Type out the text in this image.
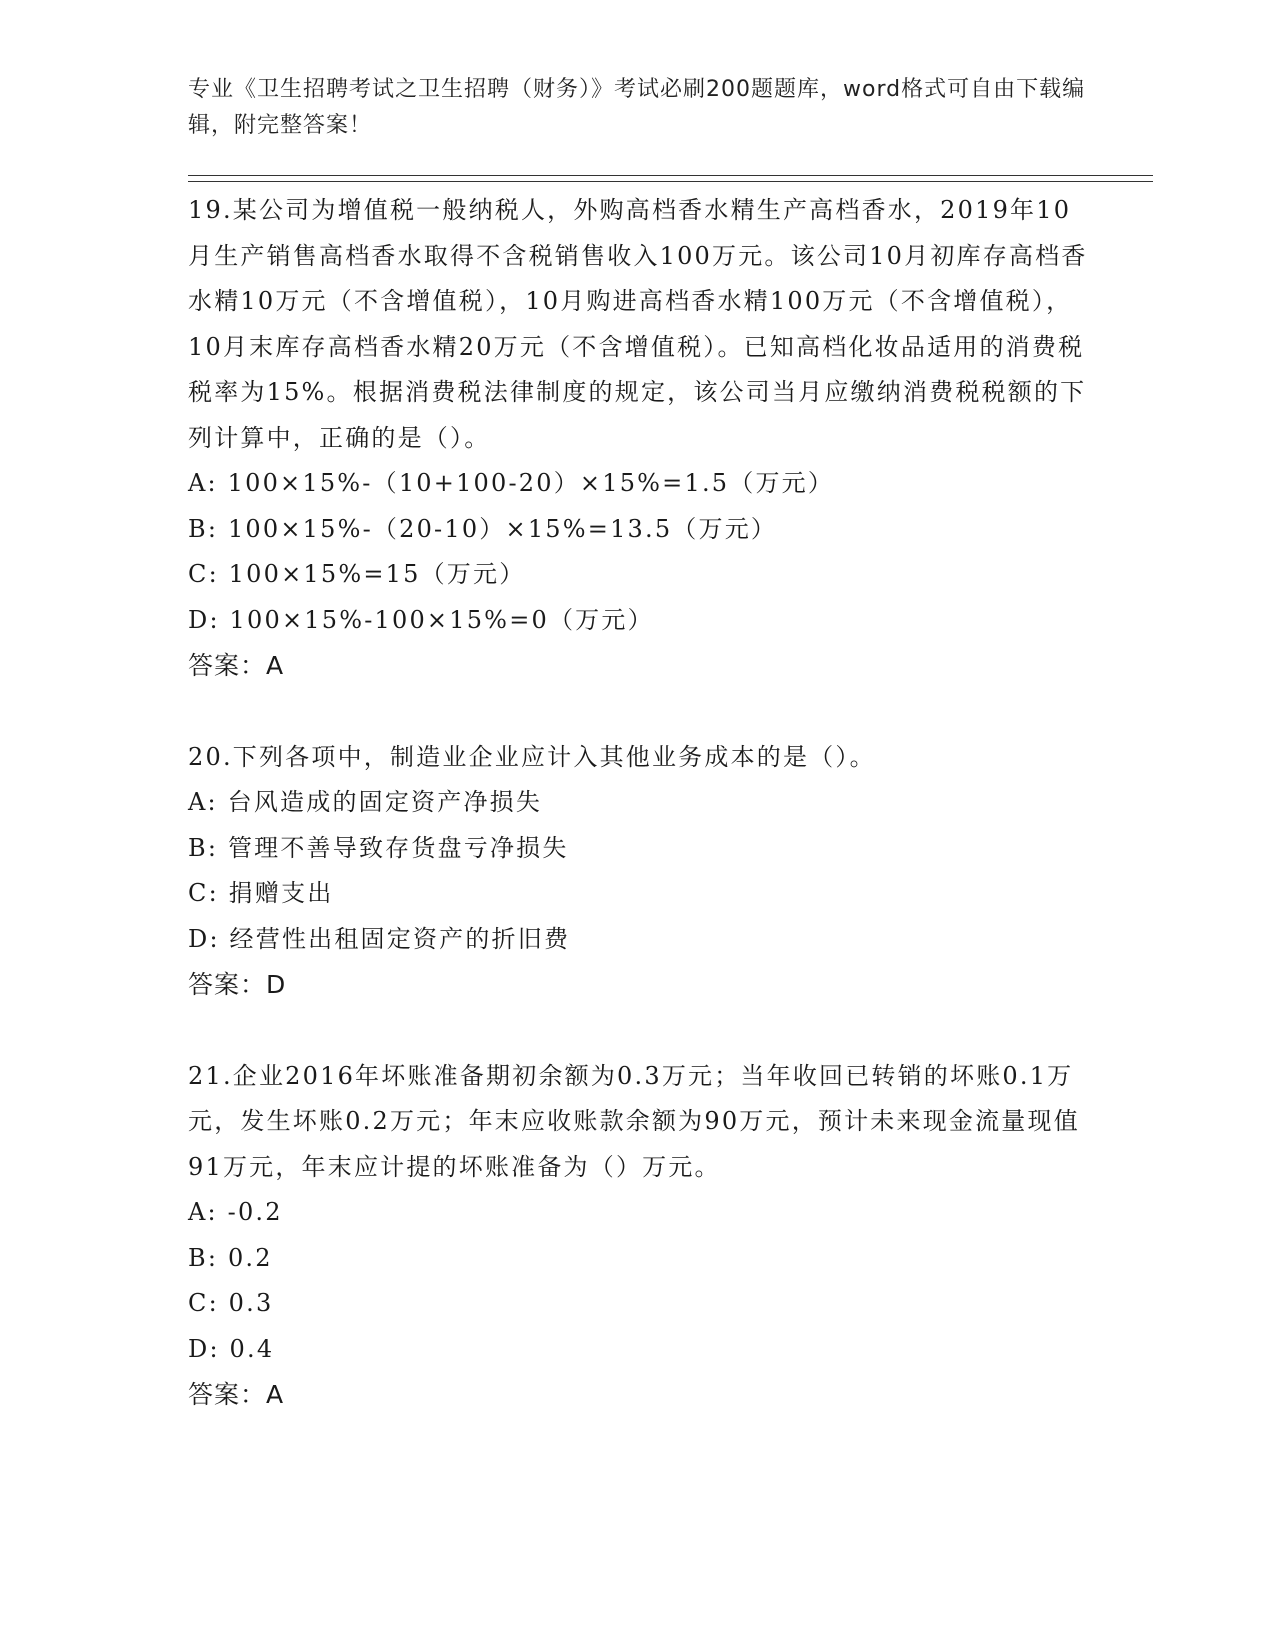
专业《卫生招聘考试之卫生招聘（财务）》考试必刷200题题库，word格式可自由下载编辑，附完整答案！

19.某公司为增值税一般纳税人，外购高档香水精生产高档香水，2019年10月生产销售高档香水取得不含税销售收入100万元。该公司10月初库存高档香水精10万元（不含增值税），10月购进高档香水精100万元（不含增值税），10月末库存高档香水精20万元（不含增值税）。已知高档化妆品适用的消费税税率为15%。根据消费税法律制度的规定，该公司当月应缴纳消费税税额的下列计算中，正确的是（）。

A: 100×15%-（10+100-20）×15%=1.5（万元）

B: 100×15%-（20-10）×15%=13.5（万元）

C: 100×15%=15（万元）

D: 100×15%-100×15%=0（万元）

答案：A

20.下列各项中，制造业企业应计入其他业务成本的是（）。

A: 台风造成的固定资产净损失

B: 管理不善导致存货盘亏净损失

C: 捐赠支出

D: 经营性出租固定资产的折旧费

答案：D

21.企业2016年坏账准备期初余额为0.3万元；当年收回已转销的坏账0.1万元，发生坏账0.2万元；年末应收账款余额为90万元，预计未来现金流量现值91万元，年末应计提的坏账准备为（）万元。

A: -0.2

B: 0.2

C: 0.3

D: 0.4

答案：A
